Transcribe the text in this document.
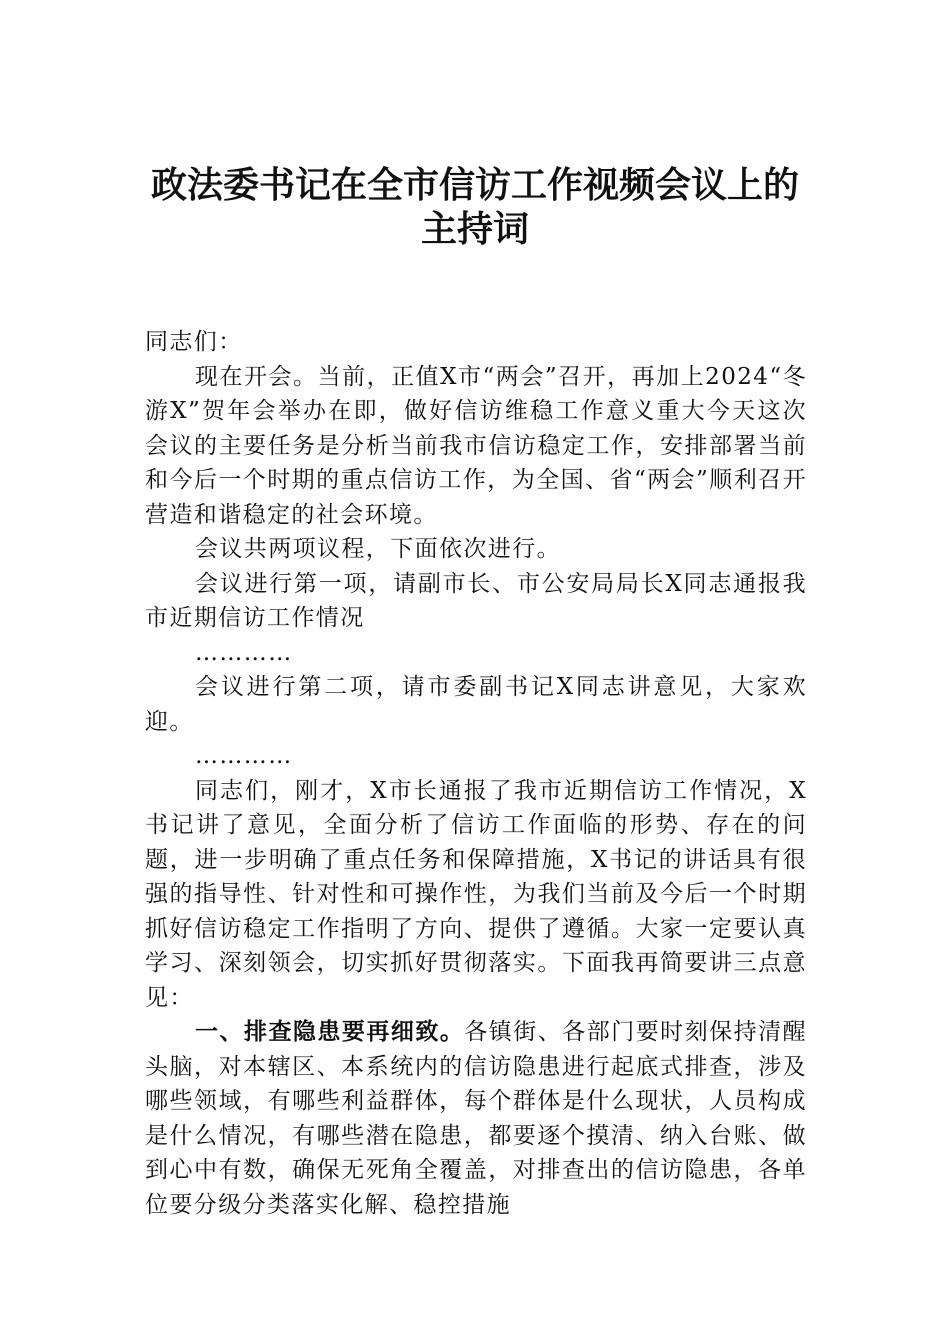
政法委书记在全市信访工作视频会议上的
主持词

同志们：

现在开会。当前，正值X市“两会”召开，再加上2024“冬游X”贺年会举办在即，做好信访维稳工作意义重大今天这次会议的主要任务是分析当前我市信访稳定工作，安排部署当前和今后一个时期的重点信访工作，为全国、省“两会”顺利召开营造和谐稳定的社会环境。

会议共两项议程，下面依次进行。

会议进行第一项，请副市长、市公安局局长X同志通报我市近期信访工作情况

…………

会议进行第二项，请市委副书记X同志讲意见，大家欢迎。

…………

同志们，刚才，X市长通报了我市近期信访工作情况，X书记讲了意见，全面分析了信访工作面临的形势、存在的问题，进一步明确了重点任务和保障措施，X书记的讲话具有很强的指导性、针对性和可操作性，为我们当前及今后一个时期抓好信访稳定工作指明了方向、提供了遵循。大家一定要认真学习、深刻领会，切实抓好贯彻落实。下面我再简要讲三点意见：

一、排查隐患要再细致。各镇街、各部门要时刻保持清醒头脑，对本辖区、本系统内的信访隐患进行起底式排查，涉及哪些领域，有哪些利益群体，每个群体是什么现状，人员构成是什么情况，有哪些潜在隐患，都要逐个摸清、纳入台账、做到心中有数，确保无死角全覆盖，对排查出的信访隐患，各单位要分级分类落实化解、稳控措施
